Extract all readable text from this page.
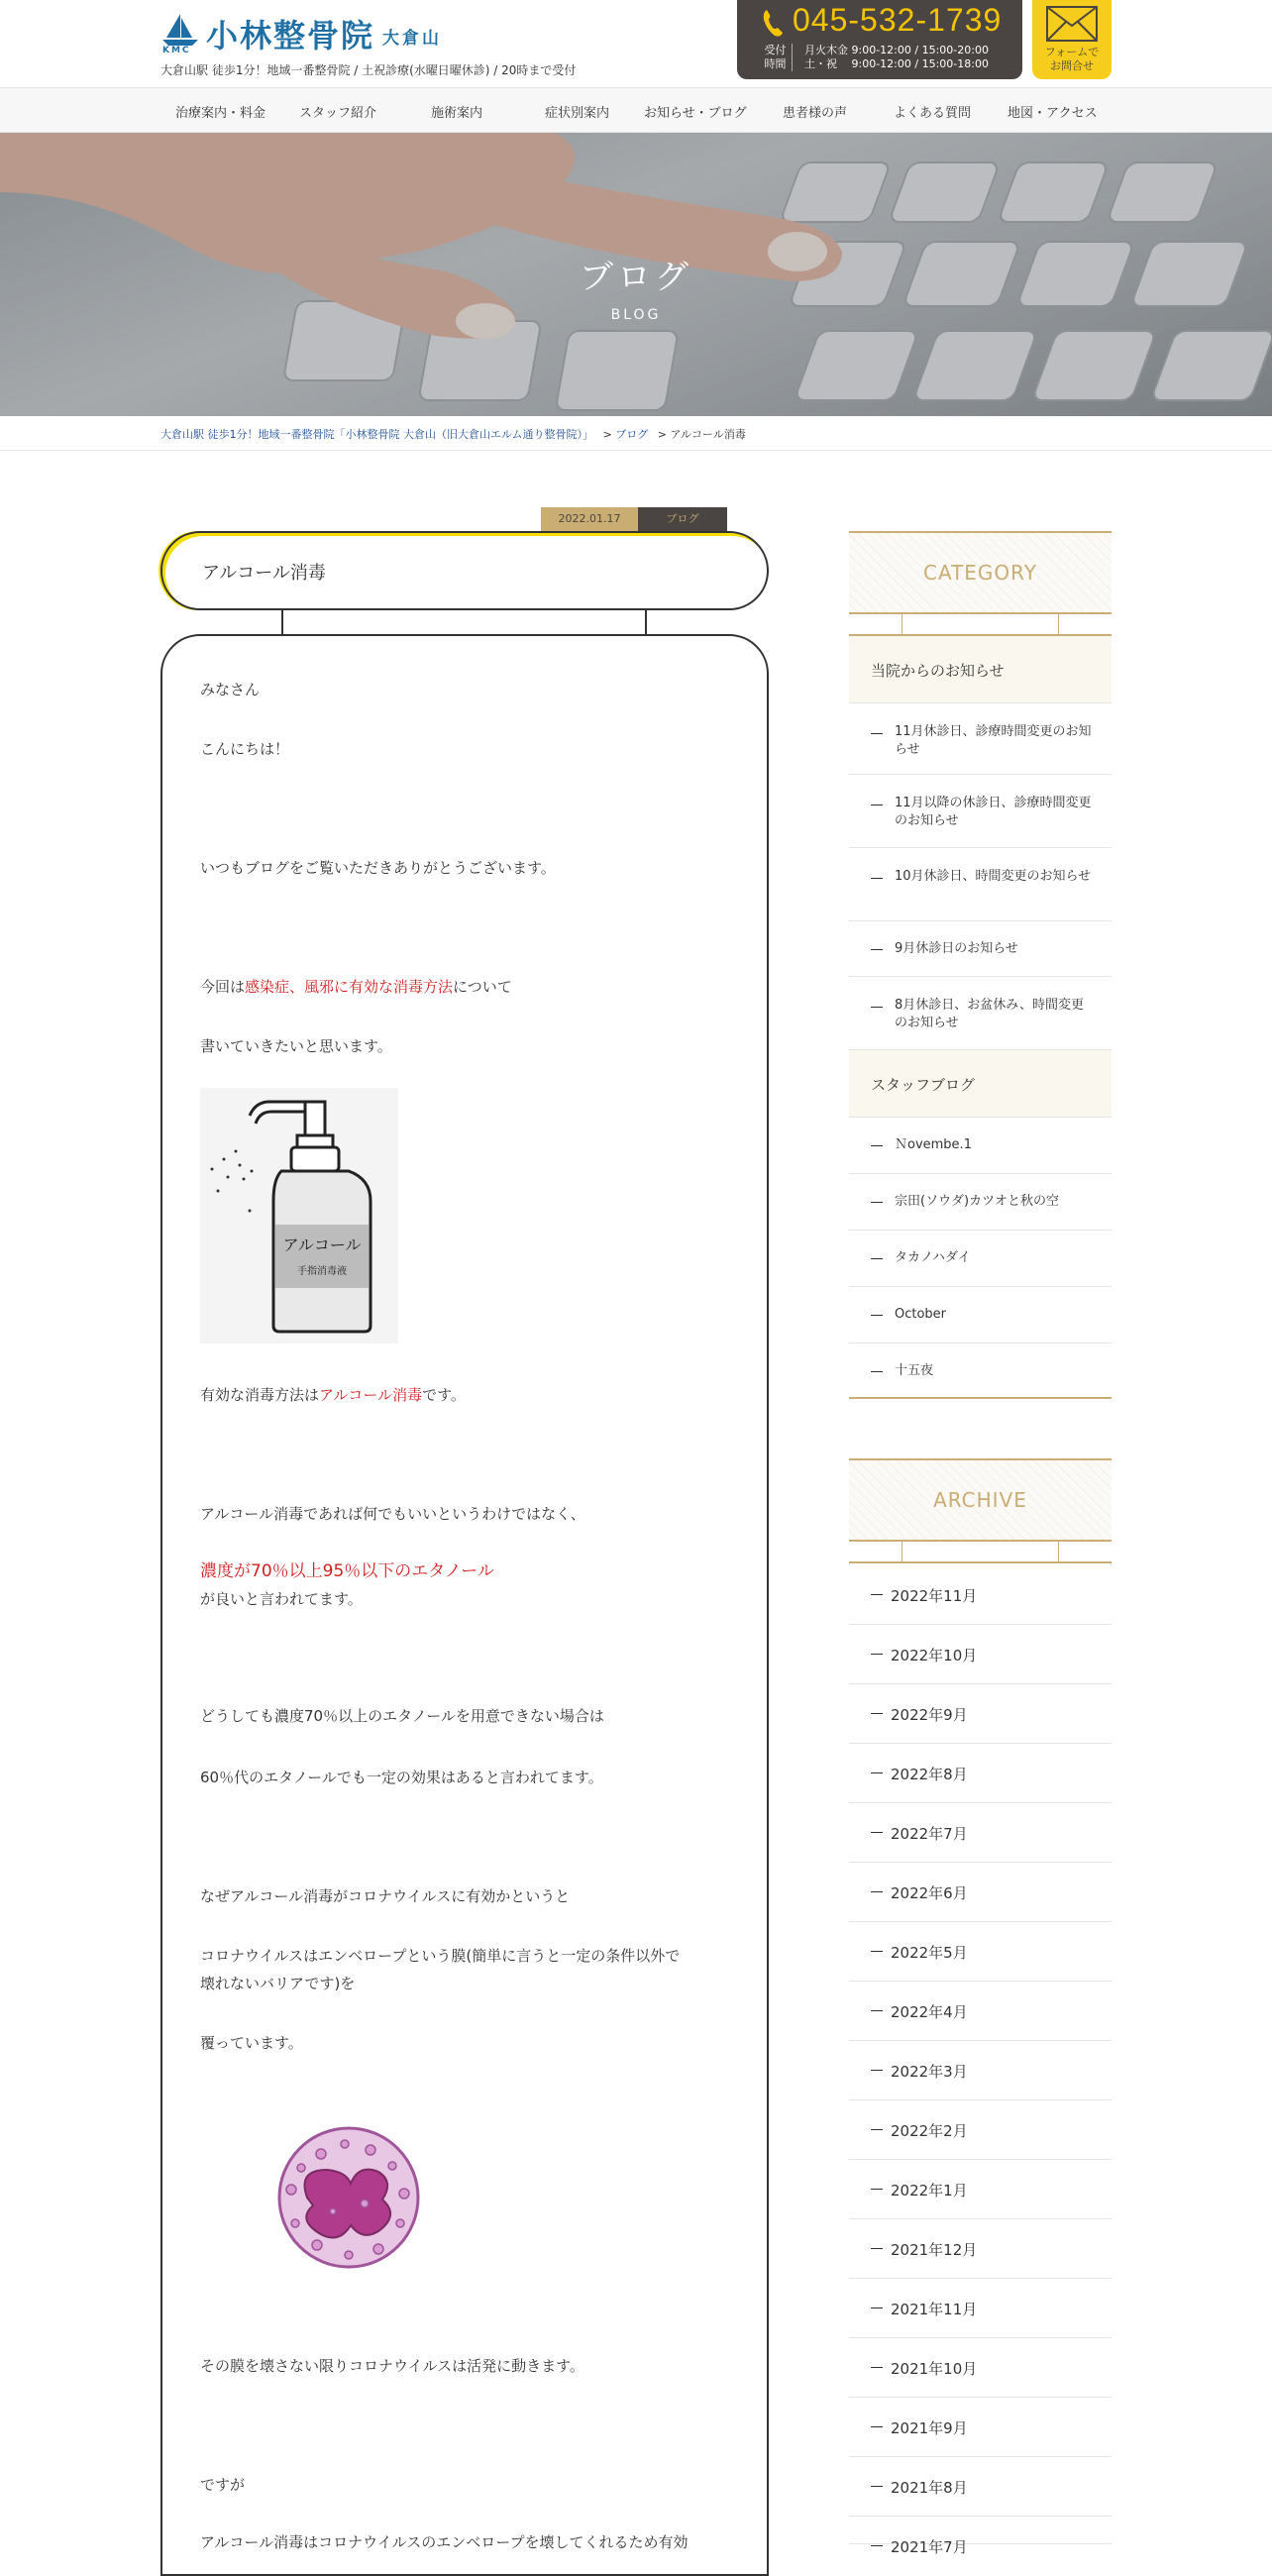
KMC 小林整骨院 大倉山
大倉山駅 徒歩1分！地域一番整骨院 / 土祝診療(水曜日曜休診) / 20時まで受付
045-532-1739
受付
時間
月火木金 9:00-12:00 / 15:00-20:00
土・祝 　9:00-12:00 / 15:00-18:00
フォームで
お問合せ
治療案内・料金	スタッフ紹介	施術案内	症状別案内	お知らせ・ブログ	患者様の声	よくある質問	地図・アクセス
ブログ
BLOG
大倉山駅 徒歩1分！地域一番整骨院「小林整骨院 大倉山（旧大倉山エルム通り整骨院）」 > ブログ > アルコール消毒
2022.01.17	ブログ
アルコール消毒
みなさん
こんにちは！
いつもブログをご覧いただきありがとうございます。
今回は感染症、風邪に有効な消毒方法について
書いていきたいと思います。
アルコール
手指消毒液
有効な消毒方法はアルコール消毒です。
アルコール消毒であれば何でもいいというわけではなく、
濃度が70％以上95％以下のエタノール
が良いと言われてます。
どうしても濃度70％以上のエタノールを用意できない場合は
60％代のエタノールでも一定の効果はあると言われてます。
なぜアルコール消毒がコロナウイルスに有効かというと
コロナウイルスはエンベロープという膜(簡単に言うと一定の条件以外で
壊れないバリアです)を
覆っています。
その膜を壊さない限りコロナウイルスは活発に動きます。
ですが
アルコール消毒はコロナウイルスのエンベロープを壊してくれるため有効
CATEGORY
当院からのお知らせ
11月休診日、診療時間変更のお知らせ
11月以降の休診日、診療時間変更のお知らせ
10月休診日、時間変更のお知らせ
9月休診日のお知らせ
8月休診日、お盆休み、時間変更のお知らせ
スタッフブログ
Ｎovembe.1
宗田(ソウダ)カツオと秋の空
タカノハダイ
October
十五夜
ARCHIVE
2022年11月
2022年10月
2022年9月
2022年8月
2022年7月
2022年6月
2022年5月
2022年4月
2022年3月
2022年2月
2022年1月
2021年12月
2021年11月
2021年10月
2021年9月
2021年8月
2021年7月
